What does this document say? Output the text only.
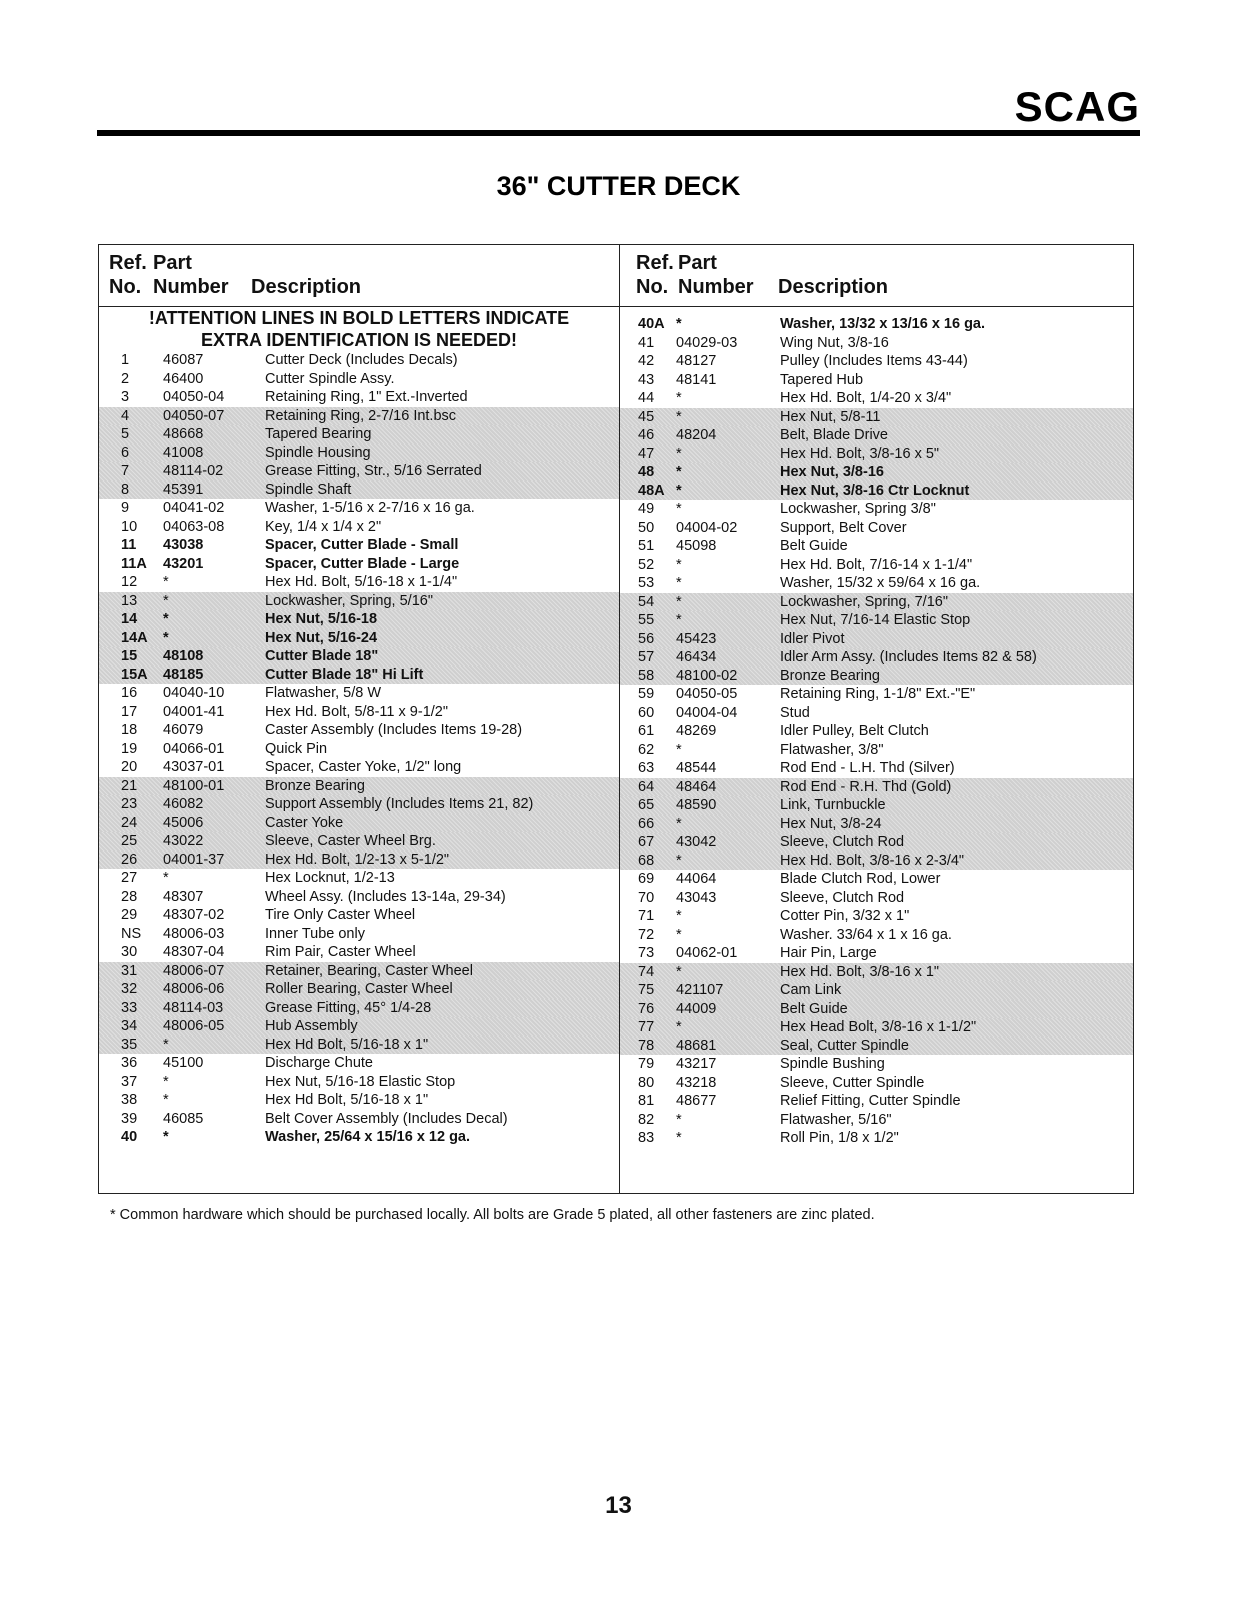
SCAG
36" CUTTER DECK
Ref. Part
No. Number Description
!ATTENTION LINES IN BOLD LETTERS INDICATE
EXTRA IDENTIFICATION IS NEEDED!
1 46087	Cutter Deck (Includes Decals)
2 46400	Cutter Spindle Assy.
3 04050-04	Retaining Ring, 1" Ext.-Inverted
4 04050-07	Retaining Ring, 2-7/16 Int.bsc
5 48668	Tapered Bearing
6 41008	Spindle Housing
7 48114-02	Grease Fitting, Str., 5/16 Serrated
8 45391	Spindle Shaft
9 04041-02	Washer, 1-5/16 x 2-7/16 x 16 ga.
10 04063-08	Key, 1/4 x 1/4 x 2"
11 43038	Spacer, Cutter Blade - Small
11A 43201	Spacer, Cutter Blade - Large
12 *	Hex Hd. Bolt, 5/16-18 x 1-1/4"
13 *	Lockwasher, Spring, 5/16"
14 *	Hex Nut, 5/16-18
14A *	Hex Nut, 5/16-24
15 48108	Cutter Blade 18"
15A 48185	Cutter Blade 18" Hi Lift
16 04040-10	Flatwasher, 5/8 W
17 04001-41	Hex Hd. Bolt, 5/8-11 x 9-1/2"
18 46079	Caster Assembly (Includes Items 19-28)
19 04066-01	Quick Pin
20 43037-01	Spacer, Caster Yoke, 1/2" long
21 48100-01	Bronze Bearing
23 46082	Support Assembly (Includes Items 21, 82)
24 45006	Caster Yoke
25 43022	Sleeve, Caster Wheel Brg.
26 04001-37	Hex Hd. Bolt, 1/2-13 x 5-1/2"
27 *	Hex Locknut, 1/2-13
28 48307	Wheel Assy. (Includes 13-14a, 29-34)
29 48307-02	Tire Only Caster Wheel
NS 48006-03	Inner Tube only
30 48307-04	Rim Pair, Caster Wheel
31 48006-07	Retainer, Bearing, Caster Wheel
32 48006-06	Roller Bearing, Caster Wheel
33 48114-03	Grease Fitting, 45° 1/4-28
34 48006-05	Hub Assembly
35 *	Hex Hd Bolt, 5/16-18 x 1"
36 45100	Discharge Chute
37 *	Hex Nut, 5/16-18 Elastic Stop
38 *	Hex Hd Bolt, 5/16-18 x 1"
39 46085	Belt Cover Assembly (Includes Decal)
40 *	Washer, 25/64 x 15/16 x 12 ga.
Ref. Part
No. Number Description
40A *	Washer, 13/32 x 13/16 x 16 ga.
41 04029-03	Wing Nut, 3/8-16
42 48127	Pulley (Includes Items 43-44)
43 48141	Tapered Hub
44 *	Hex Hd. Bolt, 1/4-20 x 3/4"
45 *	Hex Nut, 5/8-11
46 48204	Belt, Blade Drive
47 *	Hex Hd. Bolt, 3/8-16 x 5"
48 *	Hex Nut, 3/8-16
48A *	Hex Nut, 3/8-16 Ctr Locknut
49 *	Lockwasher, Spring 3/8"
50 04004-02	Support, Belt Cover
51 45098	Belt Guide
52 *	Hex Hd. Bolt, 7/16-14 x 1-1/4"
53 *	Washer, 15/32 x 59/64 x 16 ga.
54 *	Lockwasher, Spring, 7/16"
55 *	Hex Nut, 7/16-14 Elastic Stop
56 45423	Idler Pivot
57 46434	Idler Arm Assy. (Includes Items 82 & 58)
58 48100-02	Bronze Bearing
59 04050-05	Retaining Ring, 1-1/8" Ext.-"E"
60 04004-04	Stud
61 48269	Idler Pulley, Belt Clutch
62 *	Flatwasher, 3/8"
63 48544	Rod End - L.H. Thd (Silver)
64 48464	Rod End - R.H. Thd (Gold)
65 48590	Link, Turnbuckle
66 *	Hex Nut, 3/8-24
67 43042	Sleeve, Clutch Rod
68 *	Hex Hd. Bolt, 3/8-16 x 2-3/4"
69 44064	Blade Clutch Rod, Lower
70 43043	Sleeve, Clutch Rod
71 *	Cotter Pin, 3/32 x 1"
72 *	Washer. 33/64 x 1 x 16 ga.
73 04062-01	Hair Pin, Large
74 *	Hex Hd. Bolt, 3/8-16 x 1"
75 421107	Cam Link
76 44009	Belt Guide
77 *	Hex Head Bolt, 3/8-16 x 1-1/2"
78 48681	Seal, Cutter Spindle
79 43217	Spindle Bushing
80 43218	Sleeve, Cutter Spindle
81 48677	Relief Fitting, Cutter Spindle
82 *	Flatwasher, 5/16"
83 *	Roll Pin, 1/8 x 1/2"
* Common hardware which should be purchased locally. All bolts are Grade 5 plated, all other fasteners are zinc plated.
13
